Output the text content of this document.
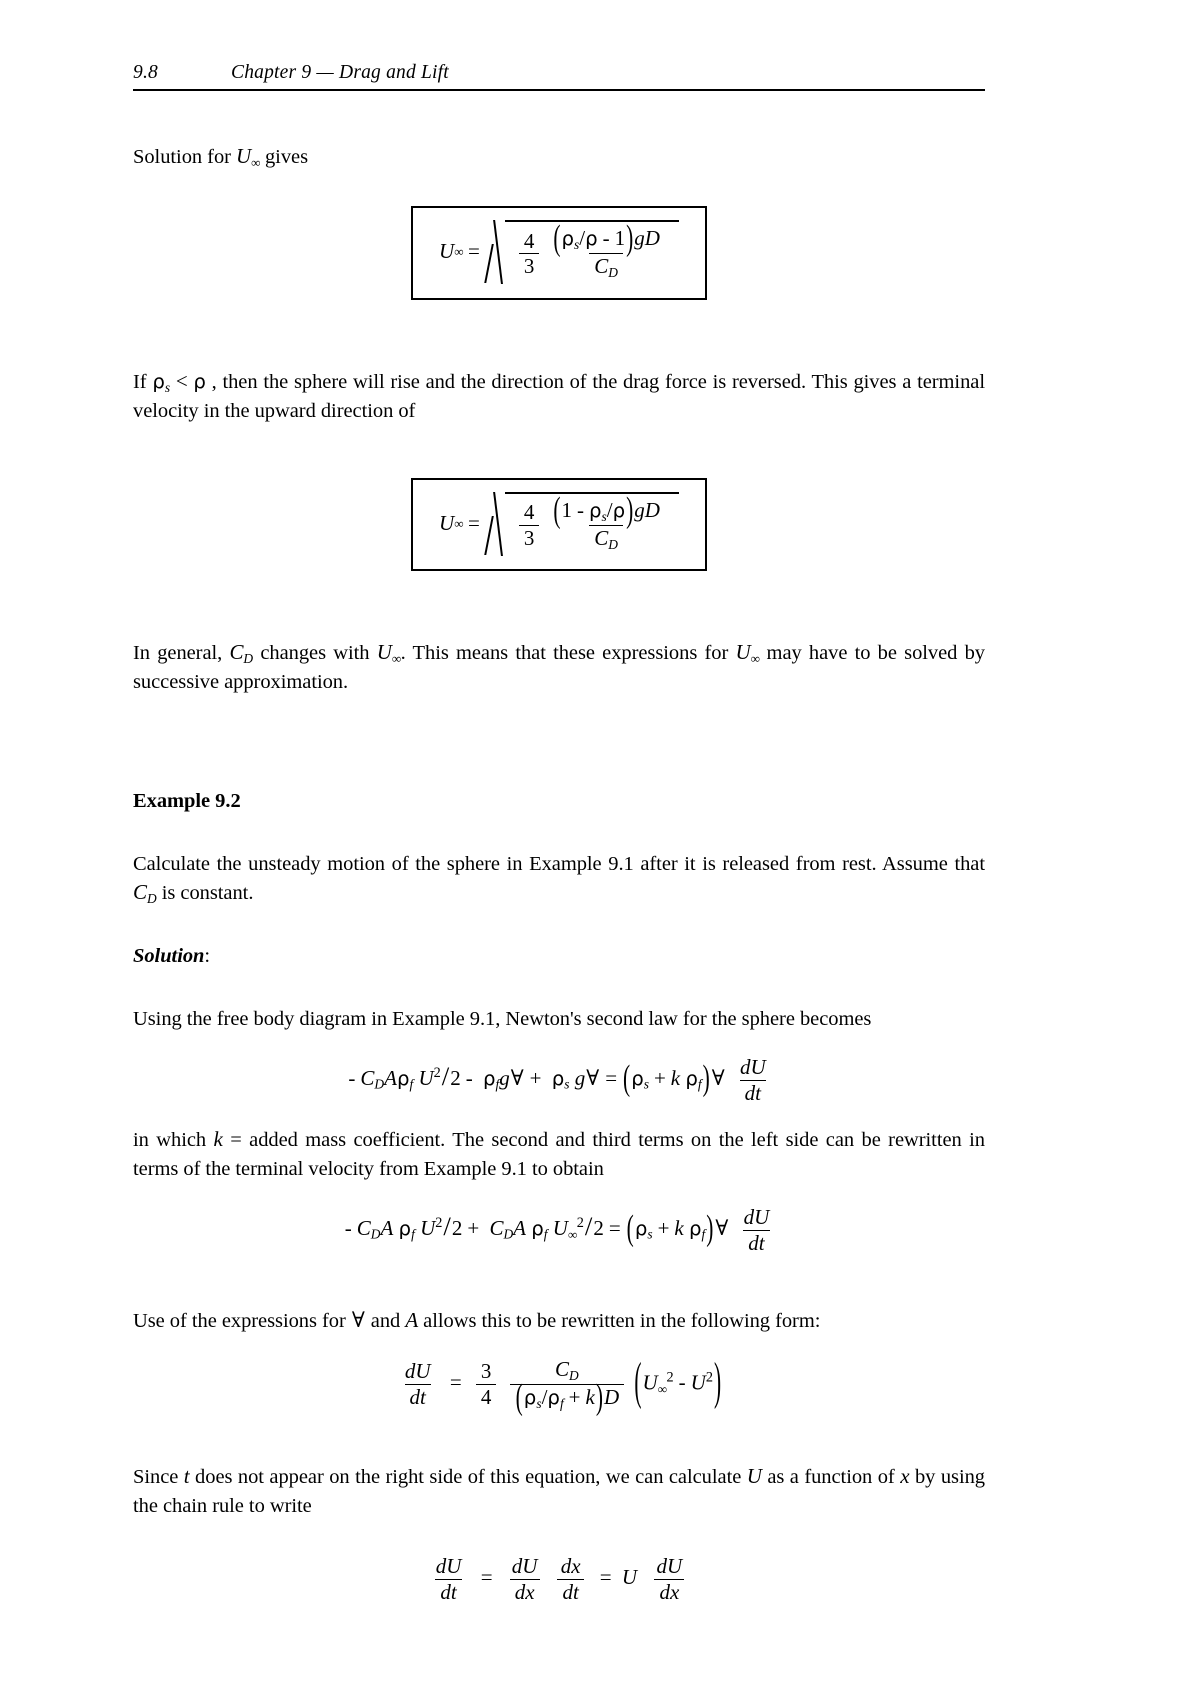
9.8	Chapter 9 — Drag and Lift

Solution for U∞ gives

U ∞ = $\frac{4}{3} \frac{(\rho_s/\rho - 1)gD}{C_D}$

If $\rho_s < \rho$ , then the sphere will rise and the direction of the drag force is reversed. This gives a terminal velocity in the upward direction of

U ∞ = $\frac{4}{3} \frac{(1 - \rho_s/\rho)gD}{C_D}$

In general, $C_D$ changes with U∞. This means that these expressions for U∞ may have to be solved by successive approximation.

Example 9.2

Calculate the unsteady motion of the sphere in Example 9.1 after it is released from rest. Assume that $C_D$ is constant.

Solution:

Using the free body diagram in Example 9.1, Newton's second law for the sphere becomes

- $C_DA\rho_f$ $U^2/2$ - $\rho_fg\forall + \rho_s$ g∀ = ($\rho_s + k$ $\rho_f)\forall \frac{dU}{dt}$

in which k = added mass coefficient. The second and third terms on the left side can be rewritten in terms of the terminal velocity from Example 9.1 to obtain

- $C_DA$ $\rho_f$ $U^2/2 + C_DA$ $\rho_f$ $U\infty^2/2 = (\rho_s + k$ $\rho_f)\forall \frac{dU}{dt}$

Use of the expressions for ∀ and A allows this to be rewritten in the following form:

$\frac{dU}{dt} = \frac{3}{4}$
$\frac{C_D}{(\rho_s/\rho_f + k)D} (U\infty^2 - U^2)$

Since t does not appear on the right side of this equation, we can calculate U as a function of x by using the chain rule to write

$\frac{dU}{dt} = \frac{dU}{dx}$
$\frac{dx}{dt} = U \frac{dU}{dx}$
